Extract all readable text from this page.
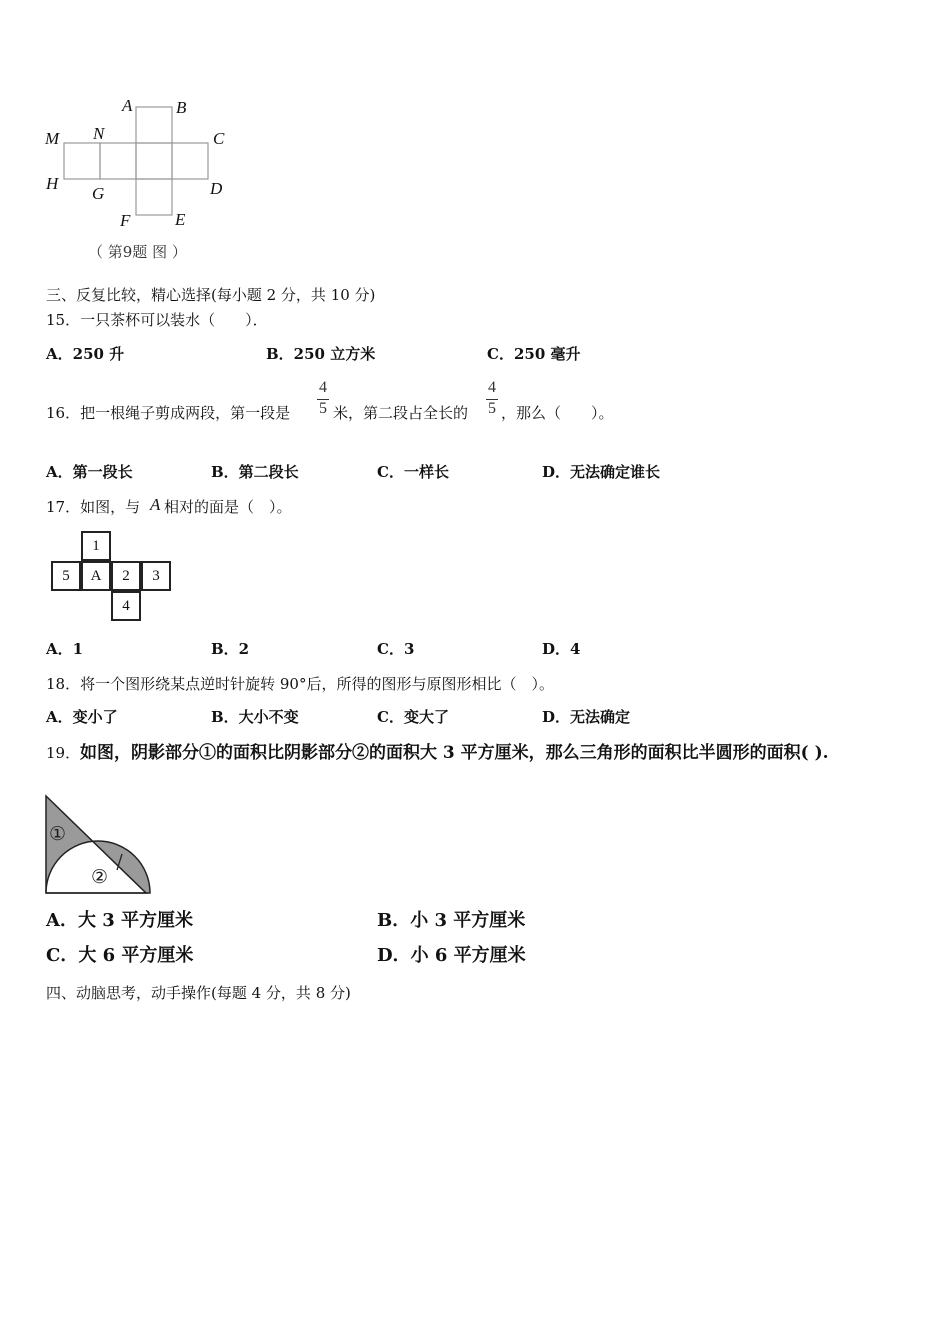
A	B
M N	C
H
G	D
F	E
（ 第9题 图 ）
三、反复比较，精心选择(每小题 2 分，共 10 分)
15．一只茶杯可以装水（　　）．
A．250 升	B．250 立方米	C．250 毫升
16．把一根绳子剪成两段，第一段是
4
5 米，第二段占全长的
4
5 ，那么（　　）。
A．第一段长	B．第二段长	C．一样长	D．无法确定谁长
17．如图，与 A 相对的面是（　）。
1
5	A	2	3
4
A．1	B．2	C．3	D．4
18．将一个图形绕某点逆时针旋转 90°后，所得的图形与原图形相比（　）。
A．变小了	B．大小不变	C．变大了	D．无法确定
19． 如图，阴影部分①的面积比阴影部分②的面积大 3 平方厘米，那么三角形的面积比半圆形的面积( ).
①
②
A．大 3 平方厘米	B．小 3 平方厘米
C．大 6 平方厘米	D．小 6 平方厘米
四、动脑思考，动手操作(每题 4 分，共 8 分)
